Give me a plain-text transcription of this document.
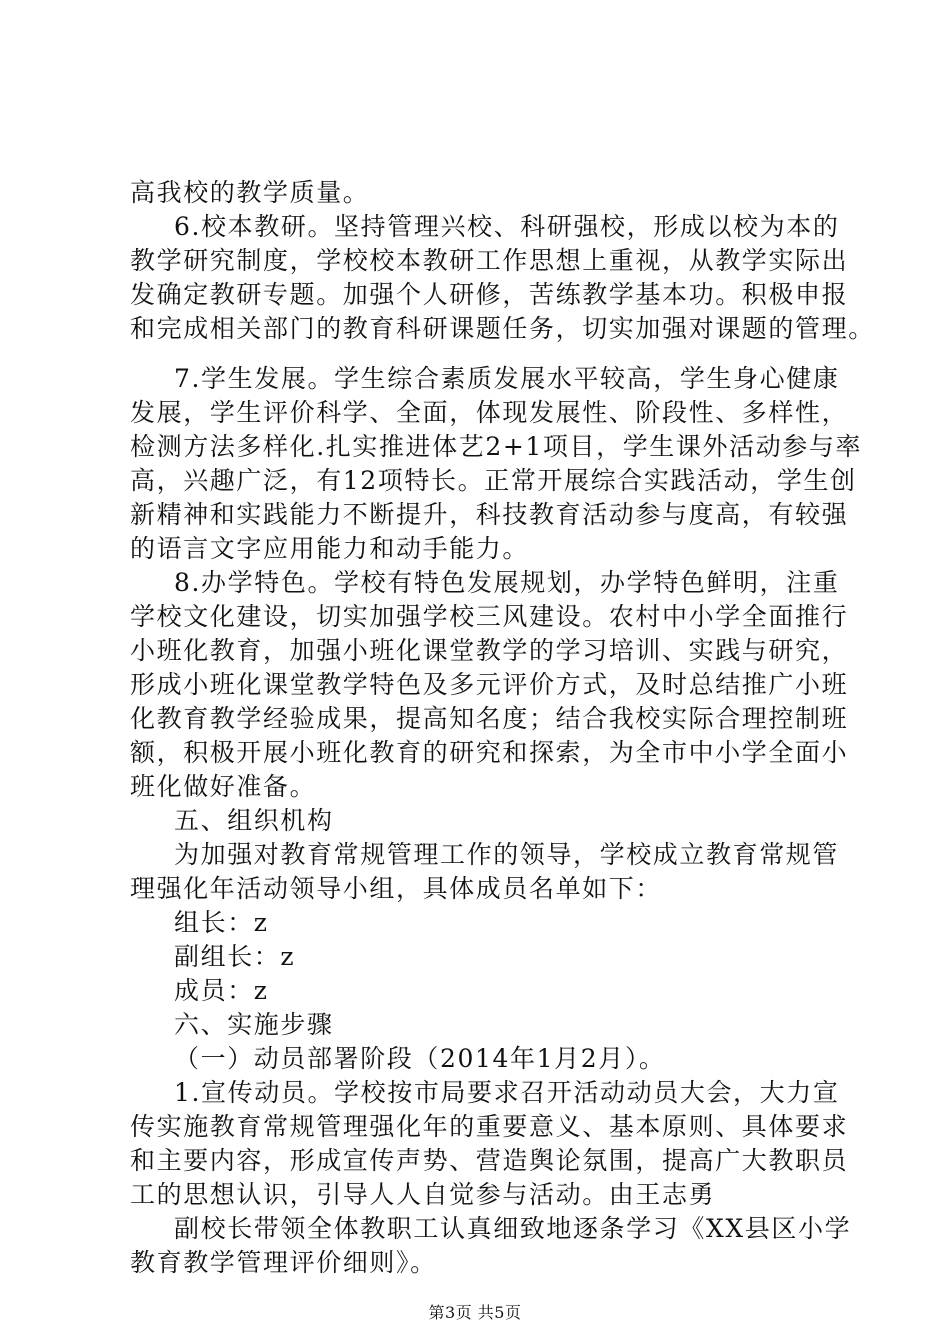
高我校的教学质量。
6.校本教研。坚持管理兴校、科研强校，形成以校为本的
教学研究制度，学校校本教研工作思想上重视，从教学实际出
发确定教研专题。加强个人研修，苦练教学基本功。积极申报
和完成相关部门的教育科研课题任务，切实加强对课题的管理。
7.学生发展。学生综合素质发展水平较高，学生身心健康
发展，学生评价科学、全面，体现发展性、阶段性、多样性，
检测方法多样化.扎实推进体艺2+1项目，学生课外活动参与率
高，兴趣广泛，有12项特长。正常开展综合实践活动，学生创
新精神和实践能力不断提升，科技教育活动参与度高，有较强
的语言文字应用能力和动手能力。
8.办学特色。学校有特色发展规划，办学特色鲜明，注重
学校文化建设，切实加强学校三风建设。农村中小学全面推行
小班化教育，加强小班化课堂教学的学习培训、实践与研究，
形成小班化课堂教学特色及多元评价方式，及时总结推广小班
化教育教学经验成果，提高知名度；结合我校实际合理控制班
额，积极开展小班化教育的研究和探索，为全市中小学全面小
班化做好准备。
五、组织机构
为加强对教育常规管理工作的领导，学校成立教育常规管
理强化年活动领导小组，具体成员名单如下：
组长：z
副组长：z
成员：z
六、实施步骤
（一）动员部署阶段（2014年1月2月）。
1.宣传动员。学校按市局要求召开活动动员大会，大力宣
传实施教育常规管理强化年的重要意义、基本原则、具体要求
和主要内容，形成宣传声势、营造舆论氛围，提高广大教职员
工的思想认识，引导人人自觉参与活动。由王志勇
副校长带领全体教职工认真细致地逐条学习《XX县区小学
教育教学管理评价细则》。
第3页 共5页
